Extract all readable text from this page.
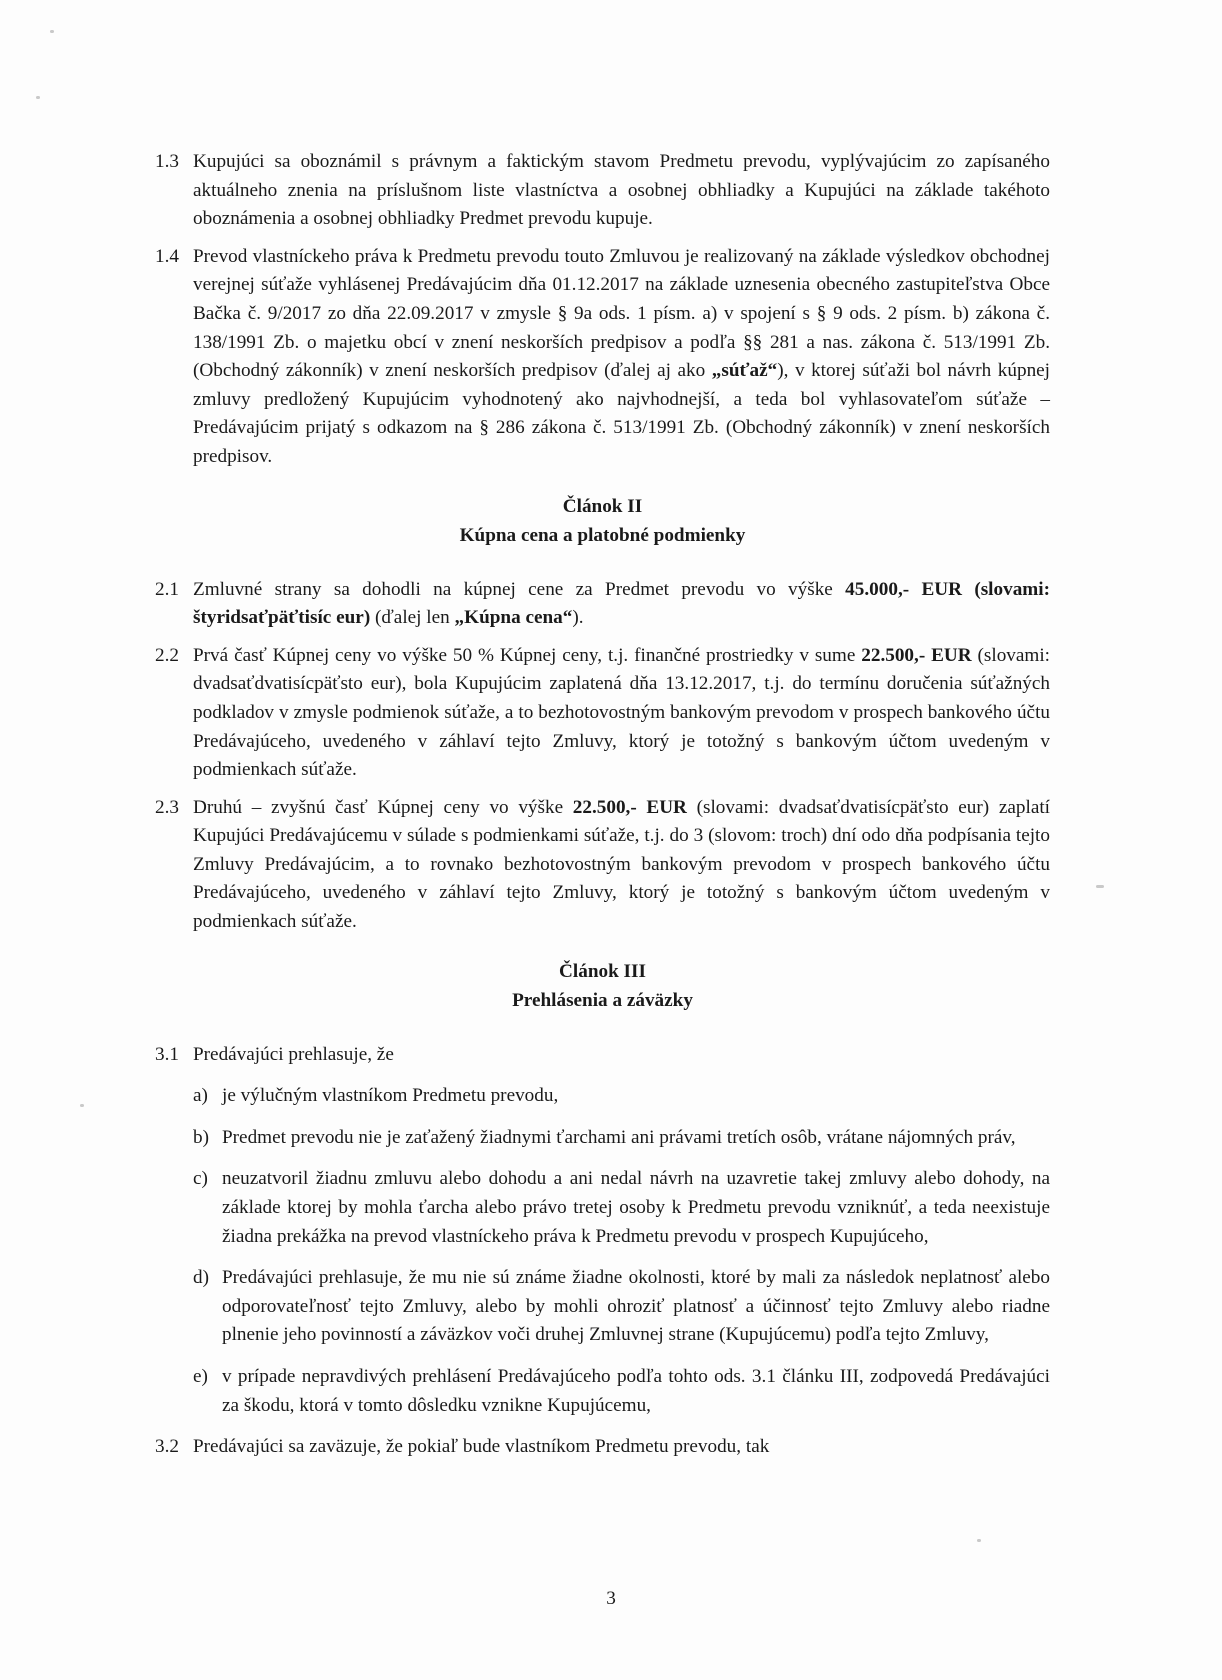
1.3 Kupujúci sa oboznámil s právnym a faktickým stavom Predmetu prevodu, vyplývajúcim zo zapísaného aktuálneho znenia na príslušnom liste vlastníctva a osobnej obhliadky a Kupujúci na základe takéhoto oboznámenia a osobnej obhliadky Predmet prevodu kupuje.
1.4 Prevod vlastníckeho práva k Predmetu prevodu touto Zmluvou je realizovaný na základe výsledkov obchodnej verejnej súťaže vyhlásenej Predávajúcim dňa 01.12.2017 na základe uznesenia obecného zastupiteľstva Obce Bačka č. 9/2017 zo dňa 22.09.2017 v zmysle § 9a ods. 1 písm. a) v spojení s § 9 ods. 2 písm. b) zákona č. 138/1991 Zb. o majetku obcí v znení neskorších predpisov a podľa §§ 281 a nas. zákona č. 513/1991 Zb. (Obchodný zákonník) v znení neskorších predpisov (ďalej aj ako „súťaž“), v ktorej súťaži bol návrh kúpnej zmluvy predložený Kupujúcim vyhodnotený ako najvhodnejší, a teda bol vyhlasovateľom súťaže – Predávajúcim prijatý s odkazom na § 286 zákona č. 513/1991 Zb. (Obchodný zákonník) v znení neskorších predpisov.
Článok II
Kúpna cena a platobné podmienky
2.1 Zmluvné strany sa dohodli na kúpnej cene za Predmet prevodu vo výške 45.000,- EUR (slovami: štyridsaťpäťtisíc eur) (ďalej len „Kúpna cena“).
2.2 Prvá časť Kúpnej ceny vo výške 50 % Kúpnej ceny, t.j. finančné prostriedky v sume 22.500,- EUR (slovami: dvadsaťdvatisícpäťsto eur), bola Kupujúcim zaplatená dňa 13.12.2017, t.j. do termínu doručenia súťažných podkladov v zmysle podmienok súťaže, a to bezhotovostným bankovým prevodom v prospech bankového účtu Predávajúceho, uvedeného v záhlaví tejto Zmluvy, ktorý je totožný s bankovým účtom uvedeným v podmienkach súťaže.
2.3 Druhú – zvyšnú časť Kúpnej ceny vo výške 22.500,- EUR (slovami: dvadsaťdvatisícpäťsto eur) zaplatí Kupujúci Predávajúcemu v súlade s podmienkami súťaže, t.j. do 3 (slovom: troch) dní odo dňa podpísania tejto Zmluvy Predávajúcim, a to rovnako bezhotovostným bankovým prevodom v prospech bankového účtu Predávajúceho, uvedeného v záhlaví tejto Zmluvy, ktorý je totožný s bankovým účtom uvedeným v podmienkach súťaže.
Článok III
Prehlásenia a záväzky
3.1 Predávajúci prehlasuje, že
a) je výlučným vlastníkom Predmetu prevodu,
b) Predmet prevodu nie je zaťažený žiadnymi ťarchami ani právami tretích osôb, vrátane nájomných práv,
c) neuzatvoril žiadnu zmluvu alebo dohodu a ani nedal návrh na uzavretie takej zmluvy alebo dohody, na základe ktorej by mohla ťarcha alebo právo tretej osoby k Predmetu prevodu vzniknúť, a teda neexistuje žiadna prekážka na prevod vlastníckeho práva k Predmetu prevodu v prospech Kupujúceho,
d) Predávajúci prehlasuje, že mu nie sú známe žiadne okolnosti, ktoré by mali za následok neplatnosť alebo odporovateľnosť tejto Zmluvy, alebo by mohli ohroziť platnosť a účinnosť tejto Zmluvy alebo riadne plnenie jeho povinností a záväzkov voči druhej Zmluvnej strane (Kupujúcemu) podľa tejto Zmluvy,
e) v prípade nepravdivých prehlásení Predávajúceho podľa tohto ods. 3.1 článku III, zodpovedá Predávajúci za škodu, ktorá v tomto dôsledku vznikne Kupujúcemu,
3.2 Predávajúci sa zaväzuje, že pokiaľ bude vlastníkom Predmetu prevodu, tak
3
